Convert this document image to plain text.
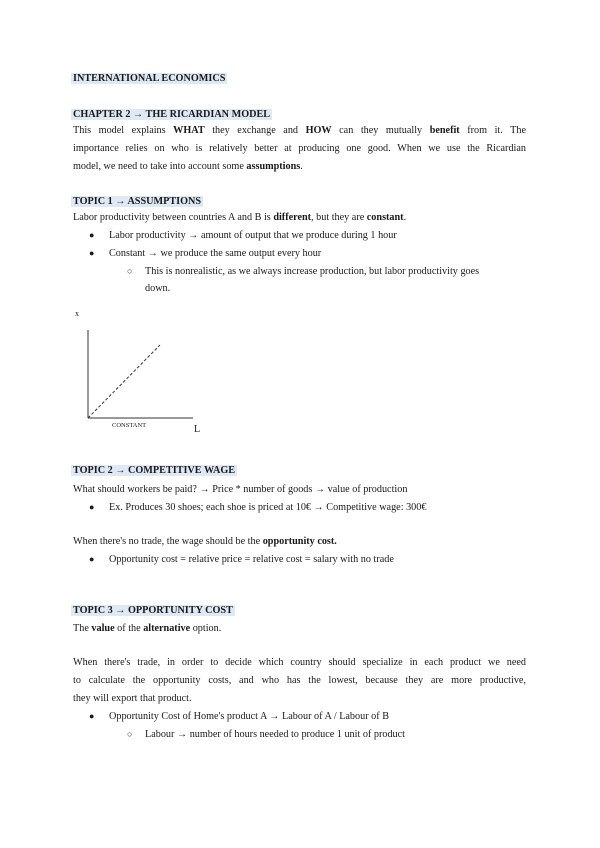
INTERNATIONAL ECONOMICS
CHAPTER 2 → THE RICARDIAN MODEL
This model explains WHAT they exchange and HOW can they mutually benefit from it. The
importance relies on who is relatively better at producing one good. When we use the Ricardian
model, we need to take into account some assumptions.
TOPIC 1 → ASSUMPTIONS
Labor productivity between countries A and B is different, but they are constant.
● Labor productivity → amount of output that we produce during 1 hour
● Constant → we produce the same output every hour
○ This is nonrealistic, as we always increase production, but labor productivity goes
down.
x
CONSTANT	L
TOPIC 2 → COMPETITIVE WAGE
What should workers be paid? → Price * number of goods → value of production
● Ex. Produces 30 shoes; each shoe is priced at 10€ → Competitive wage: 300€
When there's no trade, the wage should be the opportunity cost.
● Opportunity cost = relative price = relative cost = salary with no trade
TOPIC 3 → OPPORTUNITY COST
The value of the alternative option.
When there's trade, in order to decide which country should specialize in each product we need
to calculate the opportunity costs, and who has the lowest, because they are more productive,
they will export that product.
● Opportunity Cost of Home's product A → Labour of A / Labour of B
○ Labour → number of hours needed to produce 1 unit of product
